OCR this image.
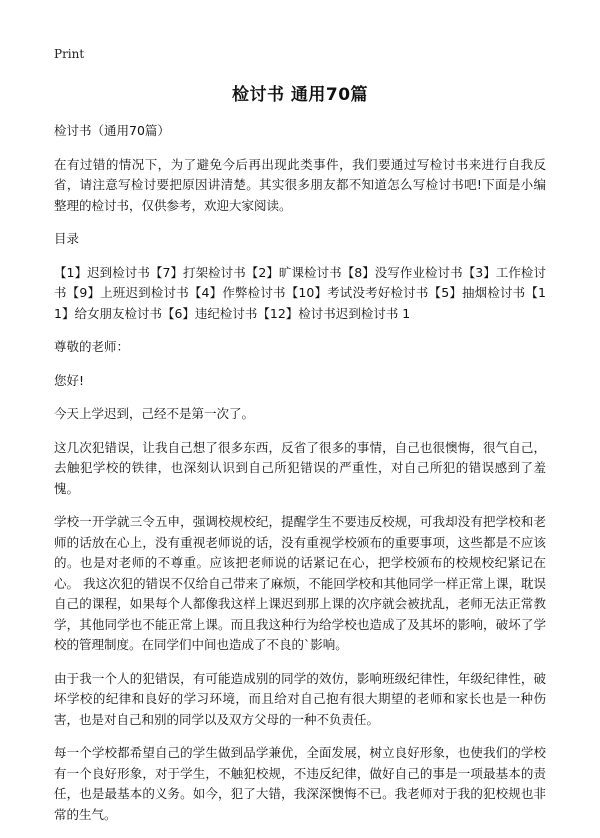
Print
检讨书 通用70篇

检讨书（通用70篇）

在有过错的情况下，为了避免今后再出现此类事件，我们要通过写检讨书来进行自我反省，请注意写检讨要把原因讲清楚。其实很多朋友都不知道怎么写检讨书吧!下面是小编整理的检讨书，仅供参考，欢迎大家阅读。

目录

【1】迟到检讨书【7】打架检讨书【2】旷课检讨书【8】没写作业检讨书【3】工作检讨书【9】上班迟到检讨书【4】作弊检讨书【10】考试没考好检讨书【5】抽烟检讨书【11】给女朋友检讨书【6】违纪检讨书【12】检讨书迟到检讨书 1

尊敬的老师：

您好!

今天上学迟到，己经不是第一次了。

这几次犯错误，让我自己想了很多东西，反省了很多的事情，自己也很懊悔，很气自己，去触犯学校的铁律，也深刻认识到自己所犯错误的严重性，对自己所犯的错误感到了羞愧。

学校一开学就三令五申，强调校规校纪，提醒学生不要违反校规，可我却没有把学校和老师的话放在心上，没有重视老师说的话，没有重视学校颁布的重要事项，这些都是不应该的。也是对老师的不尊重。应该把老师说的话紧记在心，把学校颁布的校规校纪紧记在心。 我这次犯的错误不仅给自己带来了麻烦，不能回学校和其他同学一样正常上课，耽误自己的课程，如果每个人都像我这样上课迟到那上课的次序就会被扰乱，老师无法正常教学，其他同学也不能正常上课。而且我这种行为给学校也造成了及其坏的影响，破坏了学校的管理制度。在同学们中间也造成了不良的`影响。

由于我一个人的犯错误，有可能造成别的同学的效仿，影响班级纪律性，年级纪律性，破坏学校的纪律和良好的学习环境，而且给对自己抱有很大期望的老师和家长也是一种伤害，也是对自己和别的同学以及双方父母的一种不负责任。

每一个学校都希望自己的学生做到品学兼优，全面发展，树立良好形象，也使我们的学校有一个良好形象，对于学生，不触犯校规，不违反纪律，做好自己的事是一项最基本的责任，也是最基本的义务。如今，犯了大错，我深深懊悔不已。我老师对于我的犯校规也非常的生气。
